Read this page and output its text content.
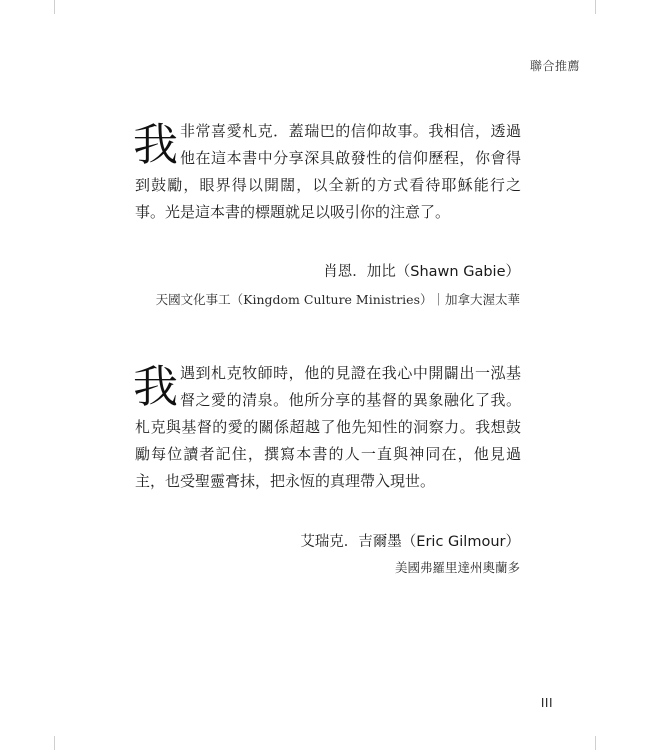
聯合推薦

我非常喜愛札克．蓋瑞巴的信仰故事。我相信，透過他在這本書中分享深具啟發性的信仰歷程，你會得到鼓勵，眼界得以開闊，以全新的方式看待耶穌能行之事。光是這本書的標題就足以吸引你的注意了。

肖恩．加比（Shawn Gabie）
天國文化事工（Kingdom Culture Ministries）｜加拿大渥太華

我遇到札克牧師時，他的見證在我心中開闢出一泓基督之愛的清泉。他所分享的基督的異象融化了我。札克與基督的愛的關係超越了他先知性的洞察力。我想鼓勵每位讀者記住，撰寫本書的人一直與神同在，他見過主，也受聖靈膏抹，把永恆的真理帶入現世。

艾瑞克．吉爾墨（Eric Gilmour）
美國弗羅里達州奧蘭多
III
